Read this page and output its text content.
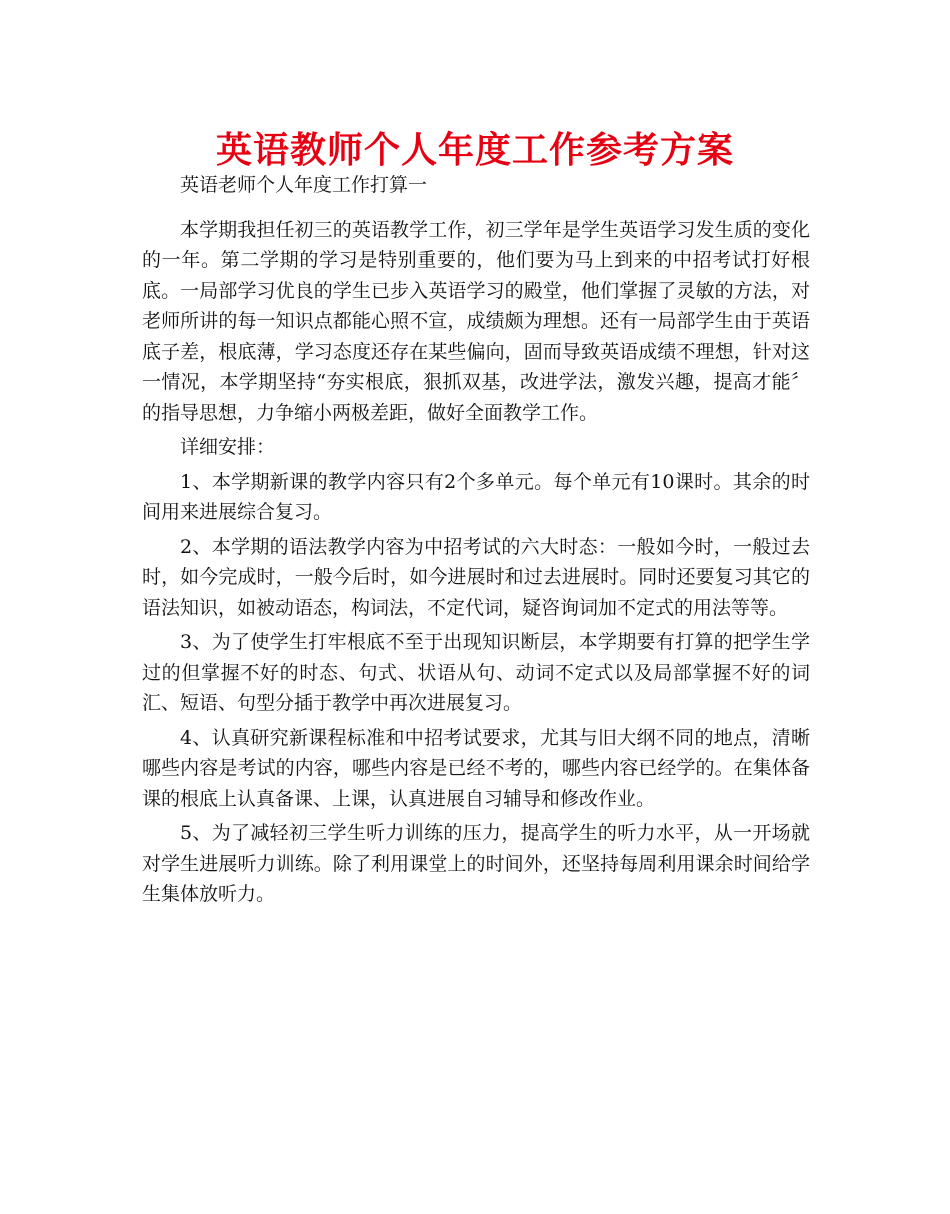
英语教师个人年度工作参考方案

英语老师个人年度工作打算一

本学期我担任初三的英语教学工作，初三学年是学生英语学习发生质的变化的一年。第二学期的学习是特别重要的，他们要为马上到来的中招考试打好根底。一局部学习优良的学生已步入英语学习的殿堂，他们掌握了灵敏的方法，对老师所讲的每一知识点都能心照不宣，成绩颇为理想。还有一局部学生由于英语底子差，根底薄，学习态度还存在某些偏向，固而导致英语成绩不理想，针对这一情况，本学期坚持“夯实根底，狠抓双基，改进学法，激发兴趣，提高才能〞的指导思想，力争缩小两极差距，做好全面教学工作。

详细安排：

1、本学期新课的教学内容只有2个多单元。每个单元有10课时。其余的时间用来进展综合复习。

2、本学期的语法教学内容为中招考试的六大时态：一般如今时，一般过去时，如今完成时，一般今后时，如今进展时和过去进展时。同时还要复习其它的语法知识，如被动语态，构词法，不定代词，疑咨询词加不定式的用法等等。

3、为了使学生打牢根底不至于出现知识断层，本学期要有打算的把学生学过的但掌握不好的时态、句式、状语从句、动词不定式以及局部掌握不好的词汇、短语、句型分插于教学中再次进展复习。

4、认真研究新课程标准和中招考试要求，尤其与旧大纲不同的地点，清晰哪些内容是考试的内容，哪些内容是已经不考的，哪些内容已经学的。在集体备课的根底上认真备课、上课，认真进展自习辅导和修改作业。

5、为了减轻初三学生听力训练的压力，提高学生的听力水平，从一开场就对学生进展听力训练。除了利用课堂上的时间外，还坚持每周利用课余时间给学生集体放听力。
